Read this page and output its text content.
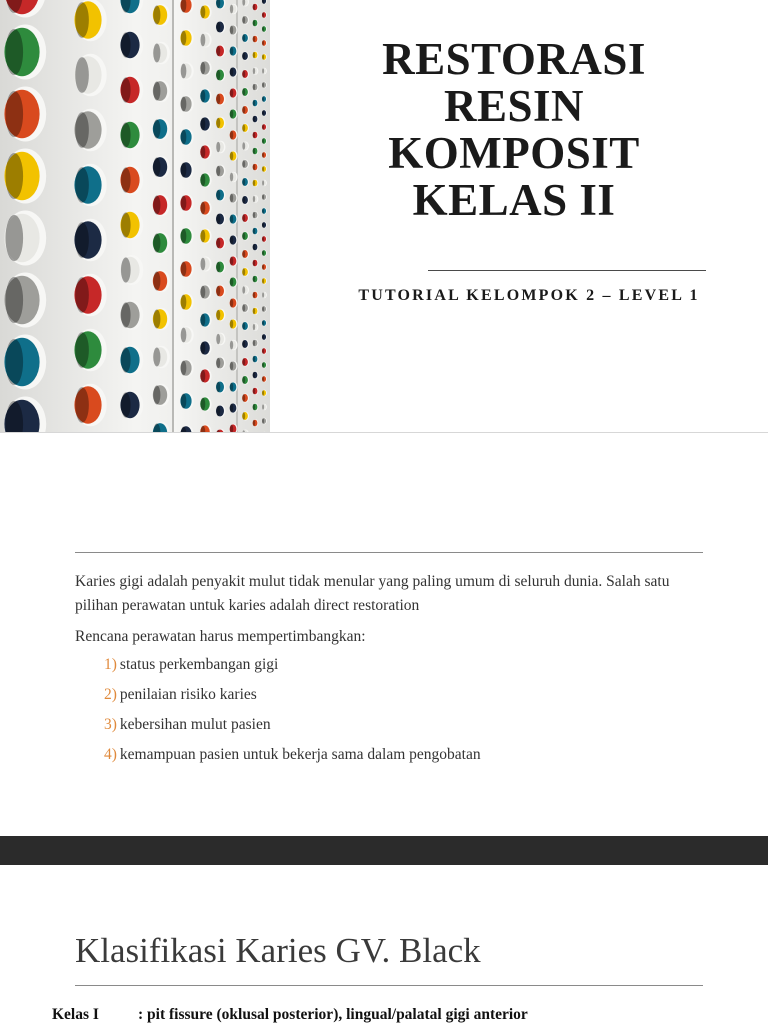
RESTORASI
RESIN
KOMPOSIT
KELAS II
TUTORIAL KELOMPOK 2 – LEVEL 1
Karies gigi adalah penyakit mulut tidak menular yang paling umum di seluruh dunia. Salah satu pilihan perawatan untuk karies adalah direct restoration
Rencana perawatan harus mempertimbangkan:
1) status perkembangan gigi
2) penilaian risiko karies
3) kebersihan mulut pasien
4) kemampuan pasien untuk bekerja sama dalam pengobatan
Klasifikasi Karies GV. Black
Kelas I	: pit fissure (oklusal posterior), lingual/palatal gigi anterior
